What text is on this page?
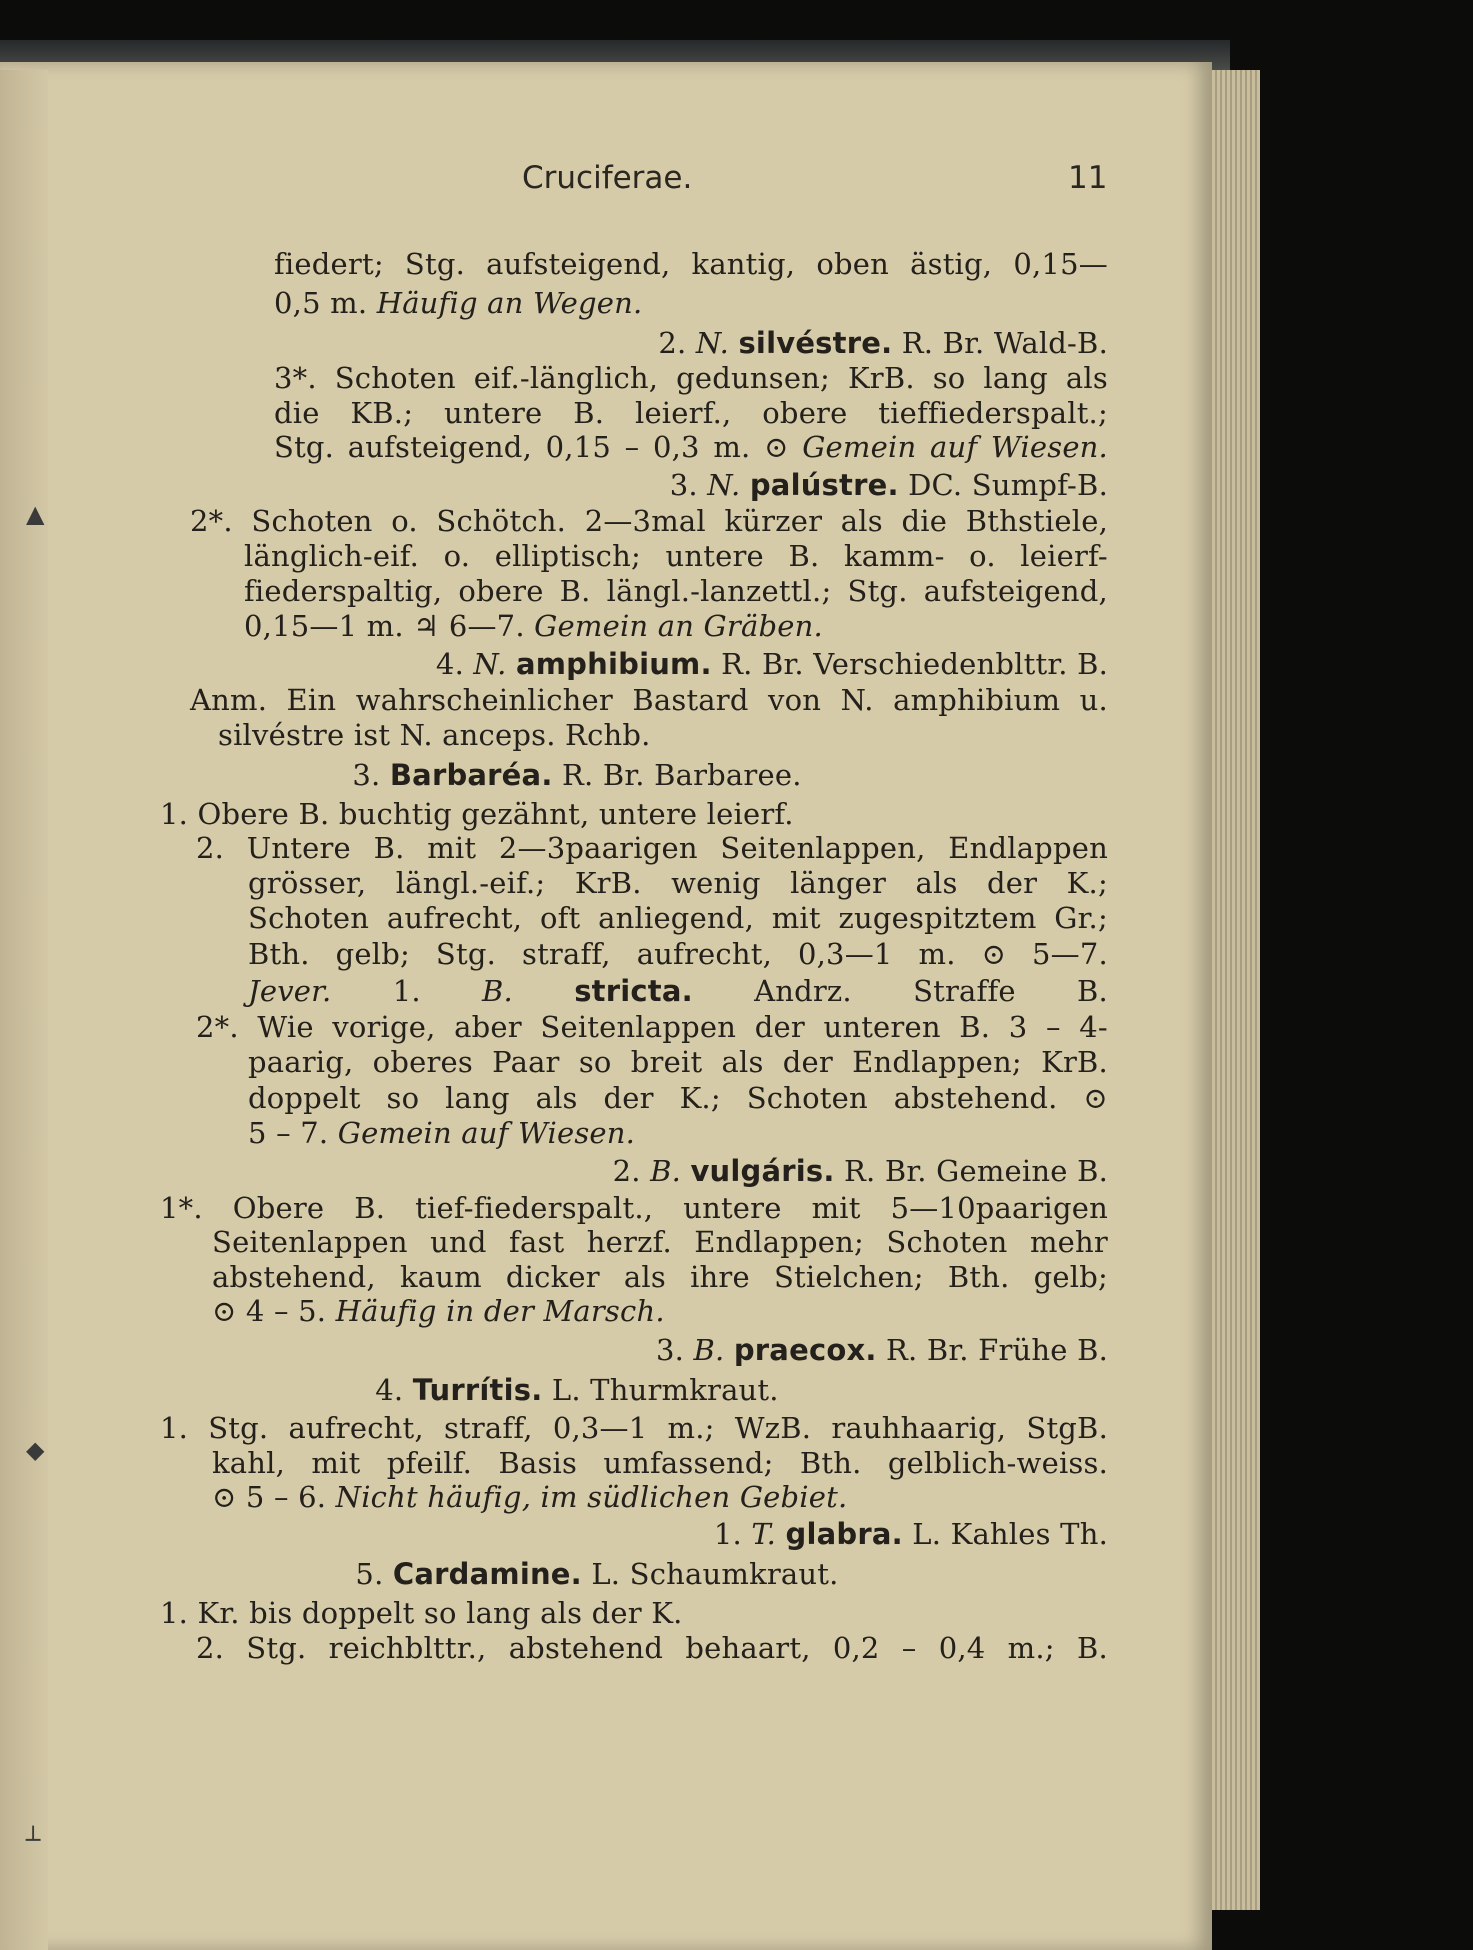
▲
◆
┴
Cruciferae.	11
fiedert; Stg. aufsteigend, kantig, oben ästig, 0,15—
0,5 m. Häufig an Wegen.
2. N. silvéstre. R. Br. Wald-B.
3*. Schoten eif.-länglich, gedunsen; KrB. so lang als
die KB.; untere B. leierf., obere tieffiederspalt.;
Stg. aufsteigend, 0,15 – 0,3 m. ⊙ Gemein auf Wiesen.
3. N. palústre. DC. Sumpf-B.
2*. Schoten o. Schötch. 2—3mal kürzer als die Bthstiele,
länglich-eif. o. elliptisch; untere B. kamm- o. leierf-
fiederspaltig, obere B. längl.-lanzettl.; Stg. aufsteigend,
0,15—1 m. ♃ 6—7. Gemein an Gräben.
4. N. amphibium. R. Br. Verschiedenblttr. B.
Anm. Ein wahrscheinlicher Bastard von N. amphibium u.
silvéstre ist N. anceps. Rchb.
3. Barbaréa. R. Br. Barbaree.
1. Obere B. buchtig gezähnt, untere leierf.
2. Untere B. mit 2—3paarigen Seitenlappen, Endlappen
grösser, längl.-eif.; KrB. wenig länger als der K.;
Schoten aufrecht, oft anliegend, mit zugespitztem Gr.;
Bth. gelb; Stg. straff, aufrecht, 0,3—1 m. ⊙ 5—7.
Jever. 1. B. stricta. Andrz. Straffe B.
2*. Wie vorige, aber Seitenlappen der unteren B. 3 – 4-
paarig, oberes Paar so breit als der Endlappen; KrB.
doppelt so lang als der K.; Schoten abstehend. ⊙
5 – 7. Gemein auf Wiesen.
2. B. vulgáris. R. Br. Gemeine B.
1*. Obere B. tief-fiederspalt., untere mit 5—10paarigen
Seitenlappen und fast herzf. Endlappen; Schoten mehr
abstehend, kaum dicker als ihre Stielchen; Bth. gelb;
⊙ 4 – 5. Häufig in der Marsch.
3. B. praecox. R. Br. Frühe B.
4. Turrítis. L. Thurmkraut.
1. Stg. aufrecht, straff, 0,3—1 m.; WzB. rauhhaarig, StgB.
kahl, mit pfeilf. Basis umfassend; Bth. gelblich-weiss.
⊙ 5 – 6. Nicht häufig, im südlichen Gebiet.
1. T. glabra. L. Kahles Th.
5. Cardamine. L. Schaumkraut.
1. Kr. bis doppelt so lang als der K.
2. Stg. reichblttr., abstehend behaart, 0,2 – 0,4 m.; B.
